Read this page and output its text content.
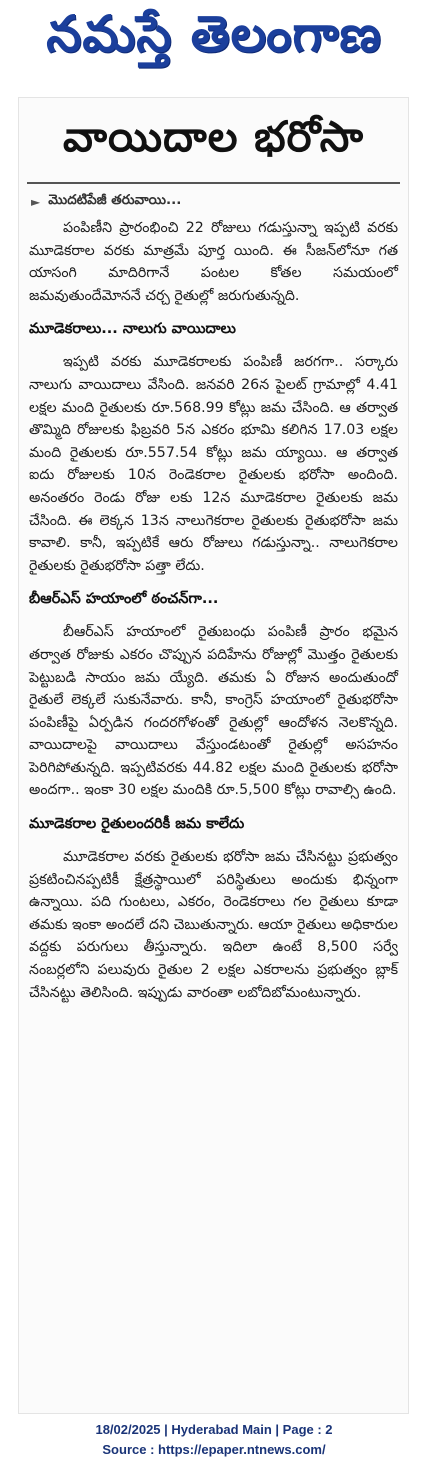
నమస్తే తెలంగాణ
వాయిదాల భరోసా
► మొదటిపేజీ తరువాయి...

పంపిణీని ప్రారంభించి 22 రోజులు గడుస్తున్నా ఇప్పటి వరకు మూడెకరాల వరకు మాత్రమే పూర్త యింది. ఈ సీజన్‌లోనూ గత యాసంగి మాదిరిగానే పంటల కోతల సమయంలో జమవుతుందేమోననే చర్చ రైతుల్లో జరుగుతున్నది.

మూడెకరాలు... నాలుగు వాయిదాలు

ఇప్పటి వరకు మూడెకరాలకు పంపిణీ జరగగా.. సర్కారు నాలుగు వాయిదాలు వేసింది. జనవరి 26న పైలట్ గ్రామాల్లో 4.41 లక్షల మంది రైతులకు రూ.568.99 కోట్లు జమ చేసింది. ఆ తర్వాత తొమ్మిది రోజులకు ఫిబ్రవరి 5న ఎకరం భూమి కలిగిన 17.03 లక్షల మంది రైతులకు రూ.557.54 కోట్లు జమ య్యాయి. ఆ తర్వాత ఐదు రోజులకు 10న రెండెకరాల రైతులకు భరోసా అందింది. అనంతరం రెండు రోజు లకు 12న మూడెకరాల రైతులకు జమ చేసింది. ఈ లెక్కన 13న నాలుగెకరాల రైతులకు రైతుభరోసా జమ కావాలి. కానీ, ఇప్పటికే ఆరు రోజులు గడుస్తున్నా.. నాలుగెకరాల రైతులకు రైతుభరోసా పత్తా లేదు.

బీఆర్ఎస్ హయాంలో ఠంచన్‌గా...

బీఆర్ఎస్ హయాంలో రైతుబంధు పంపిణీ ప్రారం భమైన తర్వాత రోజుకు ఎకరం చొప్పున పదిహేను రోజుల్లో మొత్తం రైతులకు పెట్టుబడి సాయం జమ య్యేది. తమకు ఏ రోజున అందుతుందో రైతులే లెక్కలే సుకునేవారు. కానీ, కాంగ్రెస్ హయాంలో రైతుభరోసా పంపిణీపై ఏర్పడిన గందరగోళంతో రైతుల్లో ఆందోళన నెలకొన్నది. వాయిదాలపై వాయిదాలు వేస్తుండటంతో రైతుల్లో అసహనం పెరిగిపోతున్నది. ఇప్పటివరకు 44.82 లక్షల మంది రైతులకు భరోసా అందగా.. ఇంకా 30 లక్షల మందికి రూ.5,500 కోట్లు రావాల్సి ఉంది.

మూడెకరాల రైతులందరికీ జమ కాలేదు

మూడెకరాల వరకు రైతులకు భరోసా జమ చేసినట్టు ప్రభుత్వం ప్రకటించినప్పటికీ క్షేత్రస్థాయిలో పరిస్థితులు అందుకు భిన్నంగా ఉన్నాయి. పది గుంటలు, ఎకరం, రెండెకరాలు గల రైతులు కూడా తమకు ఇంకా అందలే దని చెబుతున్నారు. ఆయా రైతులు అధికారుల వద్దకు పరుగులు తీస్తున్నారు. ఇదిలా ఉంటే 8,500 సర్వే నంబర్లలోని పలువురు రైతుల 2 లక్షల ఎకరాలను ప్రభుత్వం బ్లాక్ చేసినట్టు తెలిసింది. ఇప్పుడు వారంతా లబోదిబోమంటున్నారు.

18/02/2025 | Hyderabad Main | Page : 2
Source : https://epaper.ntnews.com/
